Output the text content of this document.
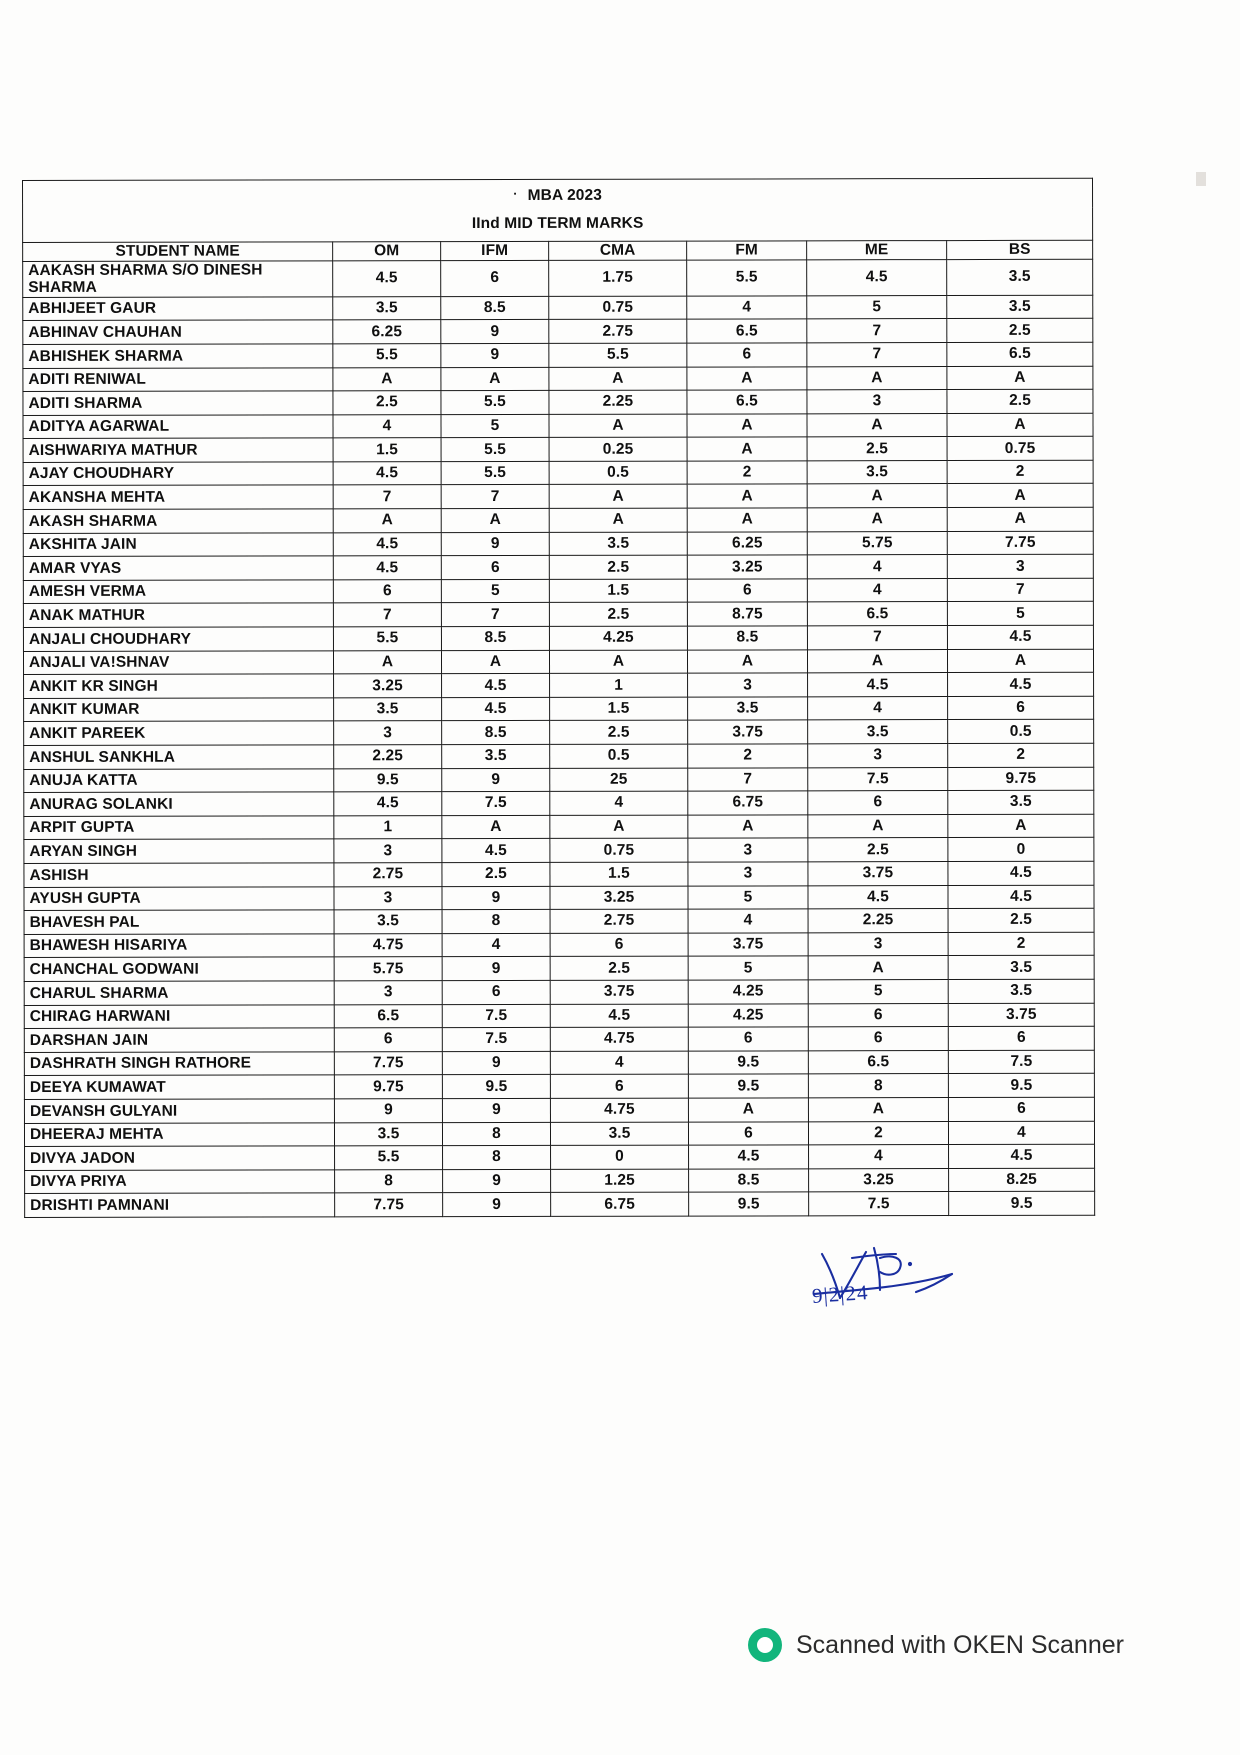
· MBA 2023						
IInd MID TERM MARKS						
STUDENT NAME	OM	IFM	CMA	FM	ME	BS
AAKASH SHARMA S/O DINESH SHARMA	4.5	6	1.75	5.5	4.5	3.5
ABHIJEET GAUR	3.5	8.5	0.75	4	5	3.5
ABHINAV CHAUHAN	6.25	9	2.75	6.5	7	2.5
ABHISHEK SHARMA	5.5	9	5.5	6	7	6.5
ADITI RENIWAL	A	A	A	A	A	A
ADITI SHARMA	2.5	5.5	2.25	6.5	3	2.5
ADITYA AGARWAL	4	5	A	A	A	A
AISHWARIYA MATHUR	1.5	5.5	0.25	A	2.5	0.75
AJAY CHOUDHARY	4.5	5.5	0.5	2	3.5	2
AKANSHA MEHTA	7	7	A	A	A	A
AKASH SHARMA	A	A	A	A	A	A
AKSHITA JAIN	4.5	9	3.5	6.25	5.75	7.75
AMAR VYAS	4.5	6	2.5	3.25	4	3
AMESH VERMA	6	5	1.5	6	4	7
ANAK MATHUR	7	7	2.5	8.75	6.5	5
ANJALI CHOUDHARY	5.5	8.5	4.25	8.5	7	4.5
ANJALI VA!SHNAV	A	A	A	A	A	A
ANKIT KR SINGH	3.25	4.5	1	3	4.5	4.5
ANKIT KUMAR	3.5	4.5	1.5	3.5	4	6
ANKIT PAREEK	3	8.5	2.5	3.75	3.5	0.5
ANSHUL SANKHLA	2.25	3.5	0.5	2	3	2
ANUJA KATTA	9.5	9	25	7	7.5	9.75
ANURAG SOLANKI	4.5	7.5	4	6.75	6	3.5
ARPIT GUPTA	1	A	A	A	A	A
ARYAN SINGH	3	4.5	0.75	3	2.5	0
ASHISH	2.75	2.5	1.5	3	3.75	4.5
AYUSH GUPTA	3	9	3.25	5	4.5	4.5
BHAVESH PAL	3.5	8	2.75	4	2.25	2.5
BHAWESH HISARIYA	4.75	4	6	3.75	3	2
CHANCHAL GODWANI	5.75	9	2.5	5	A	3.5
CHARUL SHARMA	3	6	3.75	4.25	5	3.5
CHIRAG HARWANI	6.5	7.5	4.5	4.25	6	3.75
DARSHAN JAIN	6	7.5	4.75	6	6	6
DASHRATH SINGH RATHORE	7.75	9	4	9.5	6.5	7.5
DEEYA KUMAWAT	9.75	9.5	6	9.5	8	9.5
DEVANSH GULYANI	9	9	4.75	A	A	6
DHEERAJ MEHTA	3.5	8	3.5	6	2	4
DIVYA JADON	5.5	8	0	4.5	4	4.5
DIVYA PRIYA	8	9	1.25	8.5	3.25	8.25
DRISHTI PAMNANI	7.75	9	6.75	9.5	7.5	9.5
9|2|24
Scanned with OKEN Scanner
